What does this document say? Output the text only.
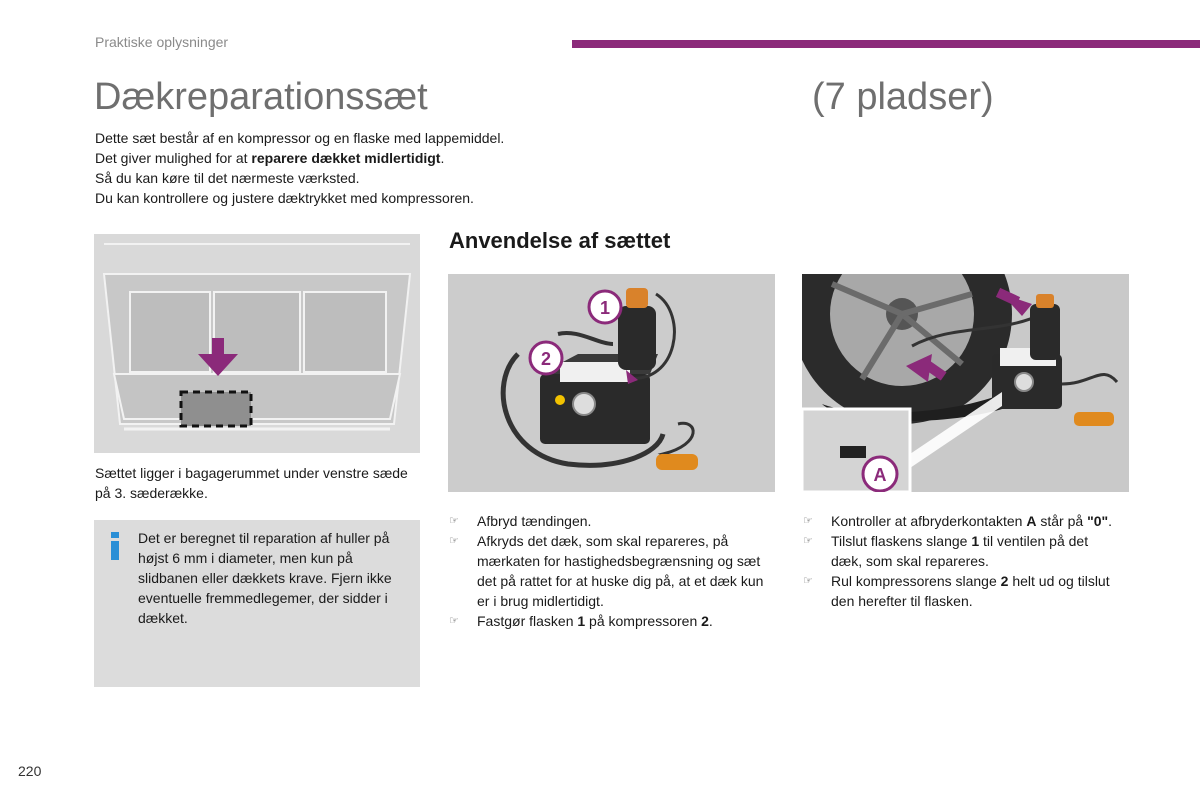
Praktiske oplysninger
Dækreparationssæt	(7 pladser)

Dette sæt består af en kompressor og en flaske med lappemiddel.

Det giver mulighed for at reparere dækket midlertidigt.

Så du kan køre til det nærmeste værksted.

Du kan kontrollere og justere dæktrykket med kompressoren.

Sættet ligger i bagagerummet under venstre sæde på 3. sæderække.

Det er beregnet til reparation af huller på højst 6 mm i diameter, men kun på slidbanen eller dækkets krave. Fjern ikke eventuelle fremmedlegemer, der sidder i dækket.

Anvendelse af sættet
1
2
A
☞ Afbryd tændingen.
☞ Afkryds det dæk, som skal repareres, på mærkaten for hastighedsbegrænsning og sæt det på rattet for at huske dig på, at et dæk kun er i brug midlertidigt.
☞ Fastgør flasken 1 på kompressoren 2.
☞ Kontroller at afbryderkontakten A står på "0".
☞ Tilslut flaskens slange 1 til ventilen på det dæk, som skal repareres.
☞ Rul kompressorens slange 2 helt ud og tilslut den herefter til flasken.
220
